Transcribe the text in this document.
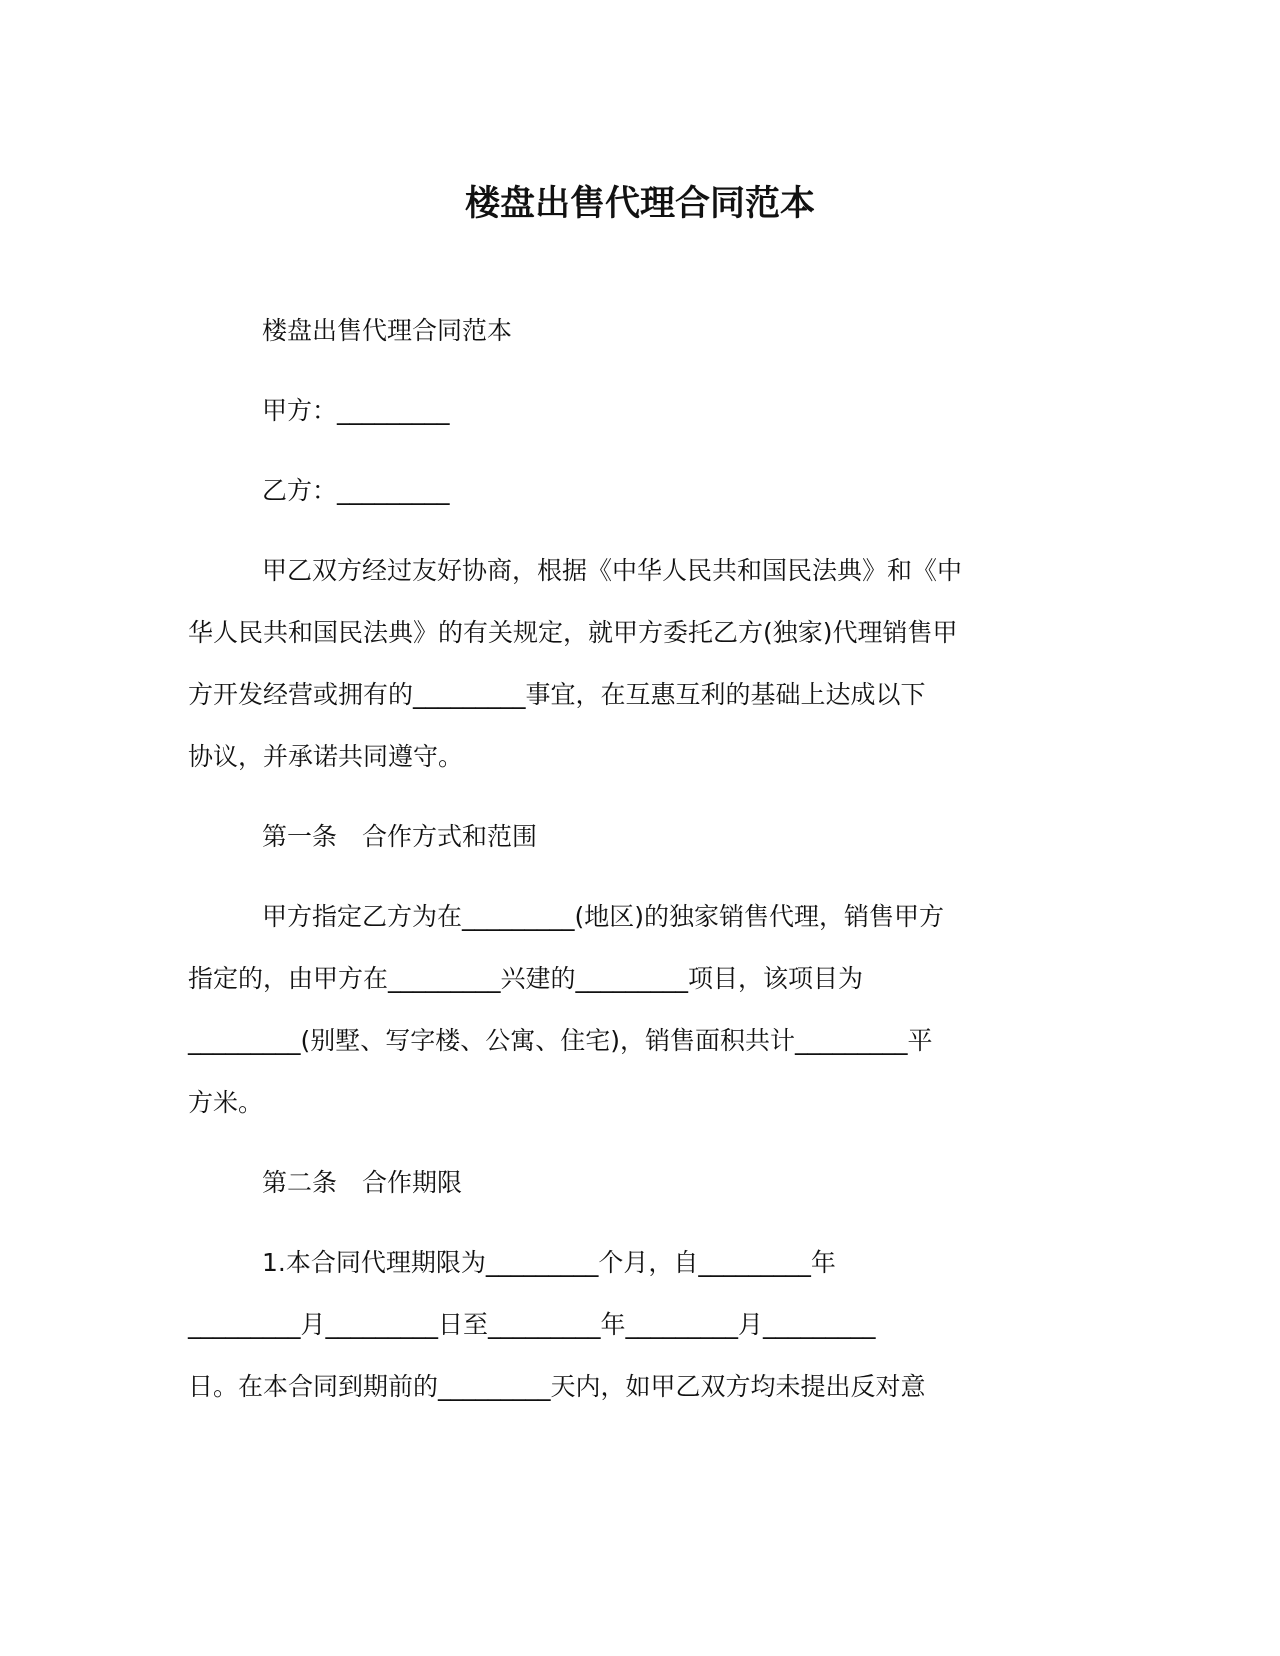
楼盘出售代理合同范本
楼盘出售代理合同范本
甲方：_________
乙方：_________
甲乙双方经过友好协商，根据《中华人民共和国民法典》和《中
华人民共和国民法典》的有关规定，就甲方委托乙方(独家)代理销售甲
方开发经营或拥有的_________事宜，在互惠互利的基础上达成以下
协议，并承诺共同遵守。
第一条　合作方式和范围
甲方指定乙方为在_________(地区)的独家销售代理，销售甲方
指定的，由甲方在_________兴建的_________项目，该项目为
_________(别墅、写字楼、公寓、住宅)，销售面积共计_________平
方米。
第二条　合作期限
1.本合同代理期限为_________个月，自_________年
_________月_________日至_________年_________月_________
日。在本合同到期前的_________天内，如甲乙双方均未提出反对意
